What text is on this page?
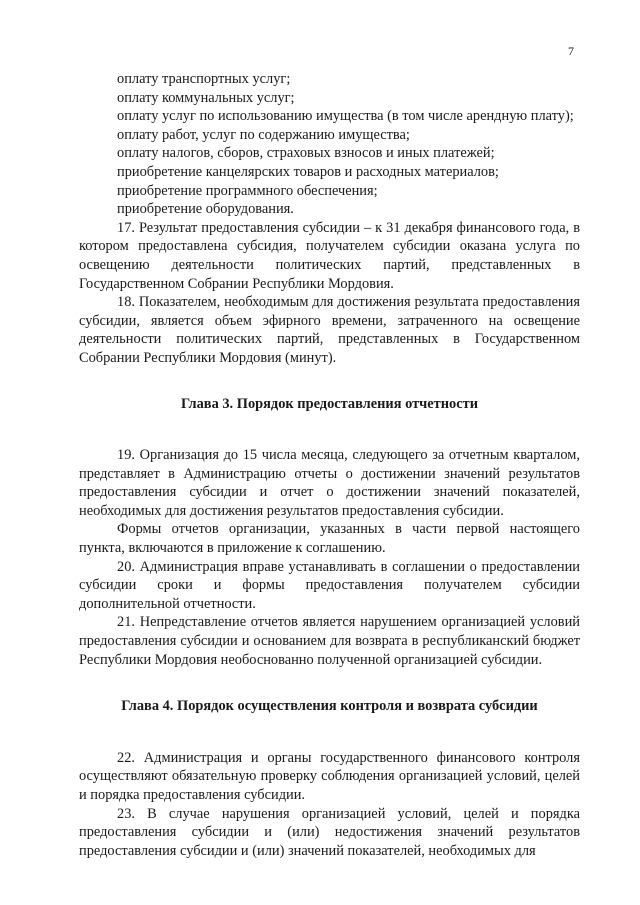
7

оплату транспортных услуг;

оплату коммунальных услуг;

оплату услуг по использованию имущества (в том числе арендную плату);

оплату работ, услуг по содержанию имущества;

оплату налогов, сборов, страховых взносов и иных платежей;

приобретение канцелярских товаров и расходных материалов;

приобретение программного обеспечения;

приобретение оборудования.

17. Результат предоставления субсидии – к 31 декабря финансового года, в котором предоставлена субсидия, получателем субсидии оказана услуга по освещению деятельности политических партий, представленных в Государственном Собрании Республики Мордовия.

18. Показателем, необходимым для достижения результата предоставления субсидии, является объем эфирного времени, затраченного на освещение деятельности политических партий, представленных в Государственном Собрании Республики Мордовия (минут).

Глава 3. Порядок предоставления отчетности

19. Организация до 15 числа месяца, следующего за отчетным кварталом, представляет в Администрацию отчеты о достижении значений результатов предоставления субсидии и отчет о достижении значений показателей, необходимых для достижения результатов предоставления субсидии.

Формы отчетов организации, указанных в части первой настоящего пункта, включаются в приложение к соглашению.

20. Администрация вправе устанавливать в соглашении о предоставлении субсидии сроки и формы предоставления получателем субсидии дополнительной отчетности.

21. Непредставление отчетов является нарушением организацией условий предоставления субсидии и основанием для возврата в республиканский бюджет Республики Мордовия необоснованно полученной организацией субсидии.

Глава 4. Порядок осуществления контроля и возврата субсидии

22. Администрация и органы государственного финансового контроля осуществляют обязательную проверку соблюдения организацией условий, целей и порядка предоставления субсидии.

23. В случае нарушения организацией условий, целей и порядка предоставления субсидии и (или) недостижения значений результатов предоставления субсидии и (или) значений показателей, необходимых для
